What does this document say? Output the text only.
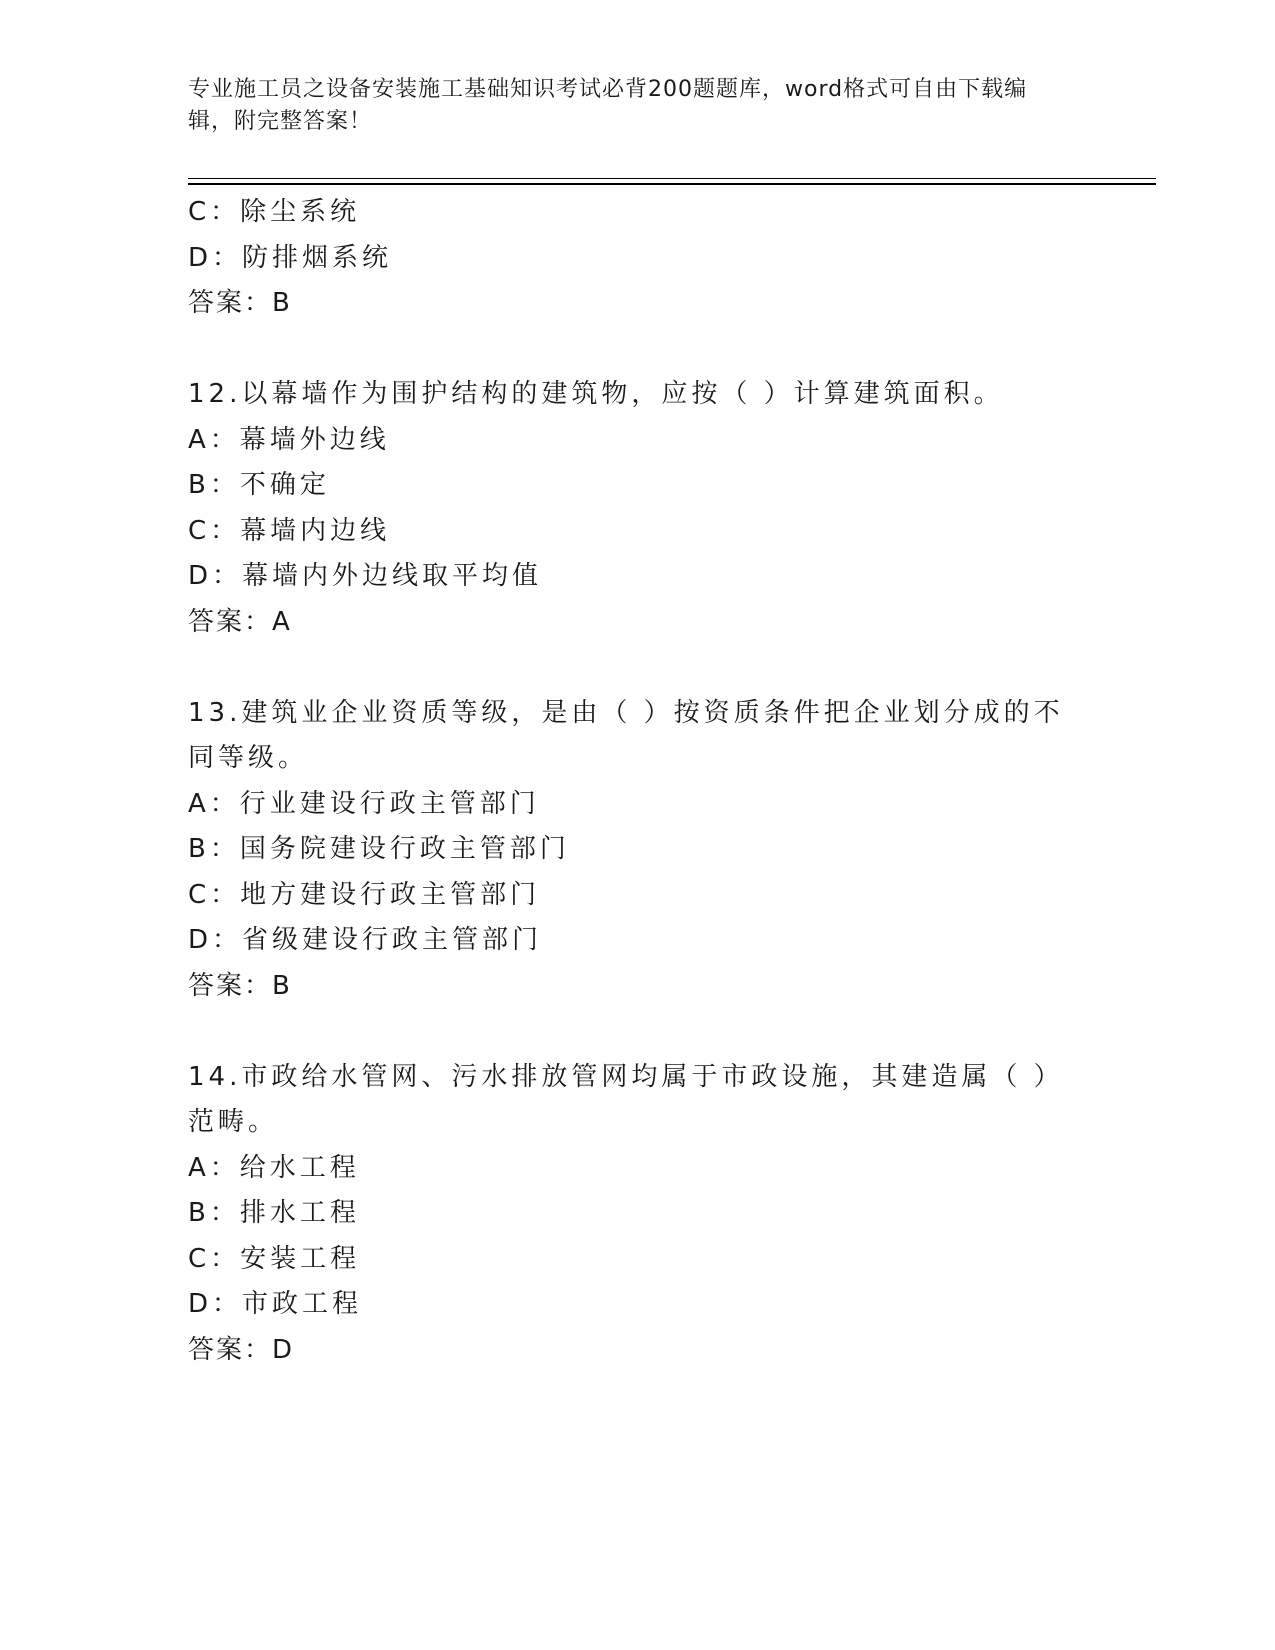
专业施工员之设备安装施工基础知识考试必背200题题库，word格式可自由下载编辑，附完整答案！
C：除尘系统
D：防排烟系统
答案：B
12.以幕墙作为围护结构的建筑物，应按（ ）计算建筑面积。
A：幕墙外边线
B：不确定
C：幕墙内边线
D：幕墙内外边线取平均值
答案：A
13.建筑业企业资质等级，是由（ ）按资质条件把企业划分成的不同等级。
A：行业建设行政主管部门
B：国务院建设行政主管部门
C：地方建设行政主管部门
D：省级建设行政主管部门
答案：B
14.市政给水管网、污水排放管网均属于市政设施，其建造属（ ）范畴。
A：给水工程
B：排水工程
C：安装工程
D：市政工程
答案：D
